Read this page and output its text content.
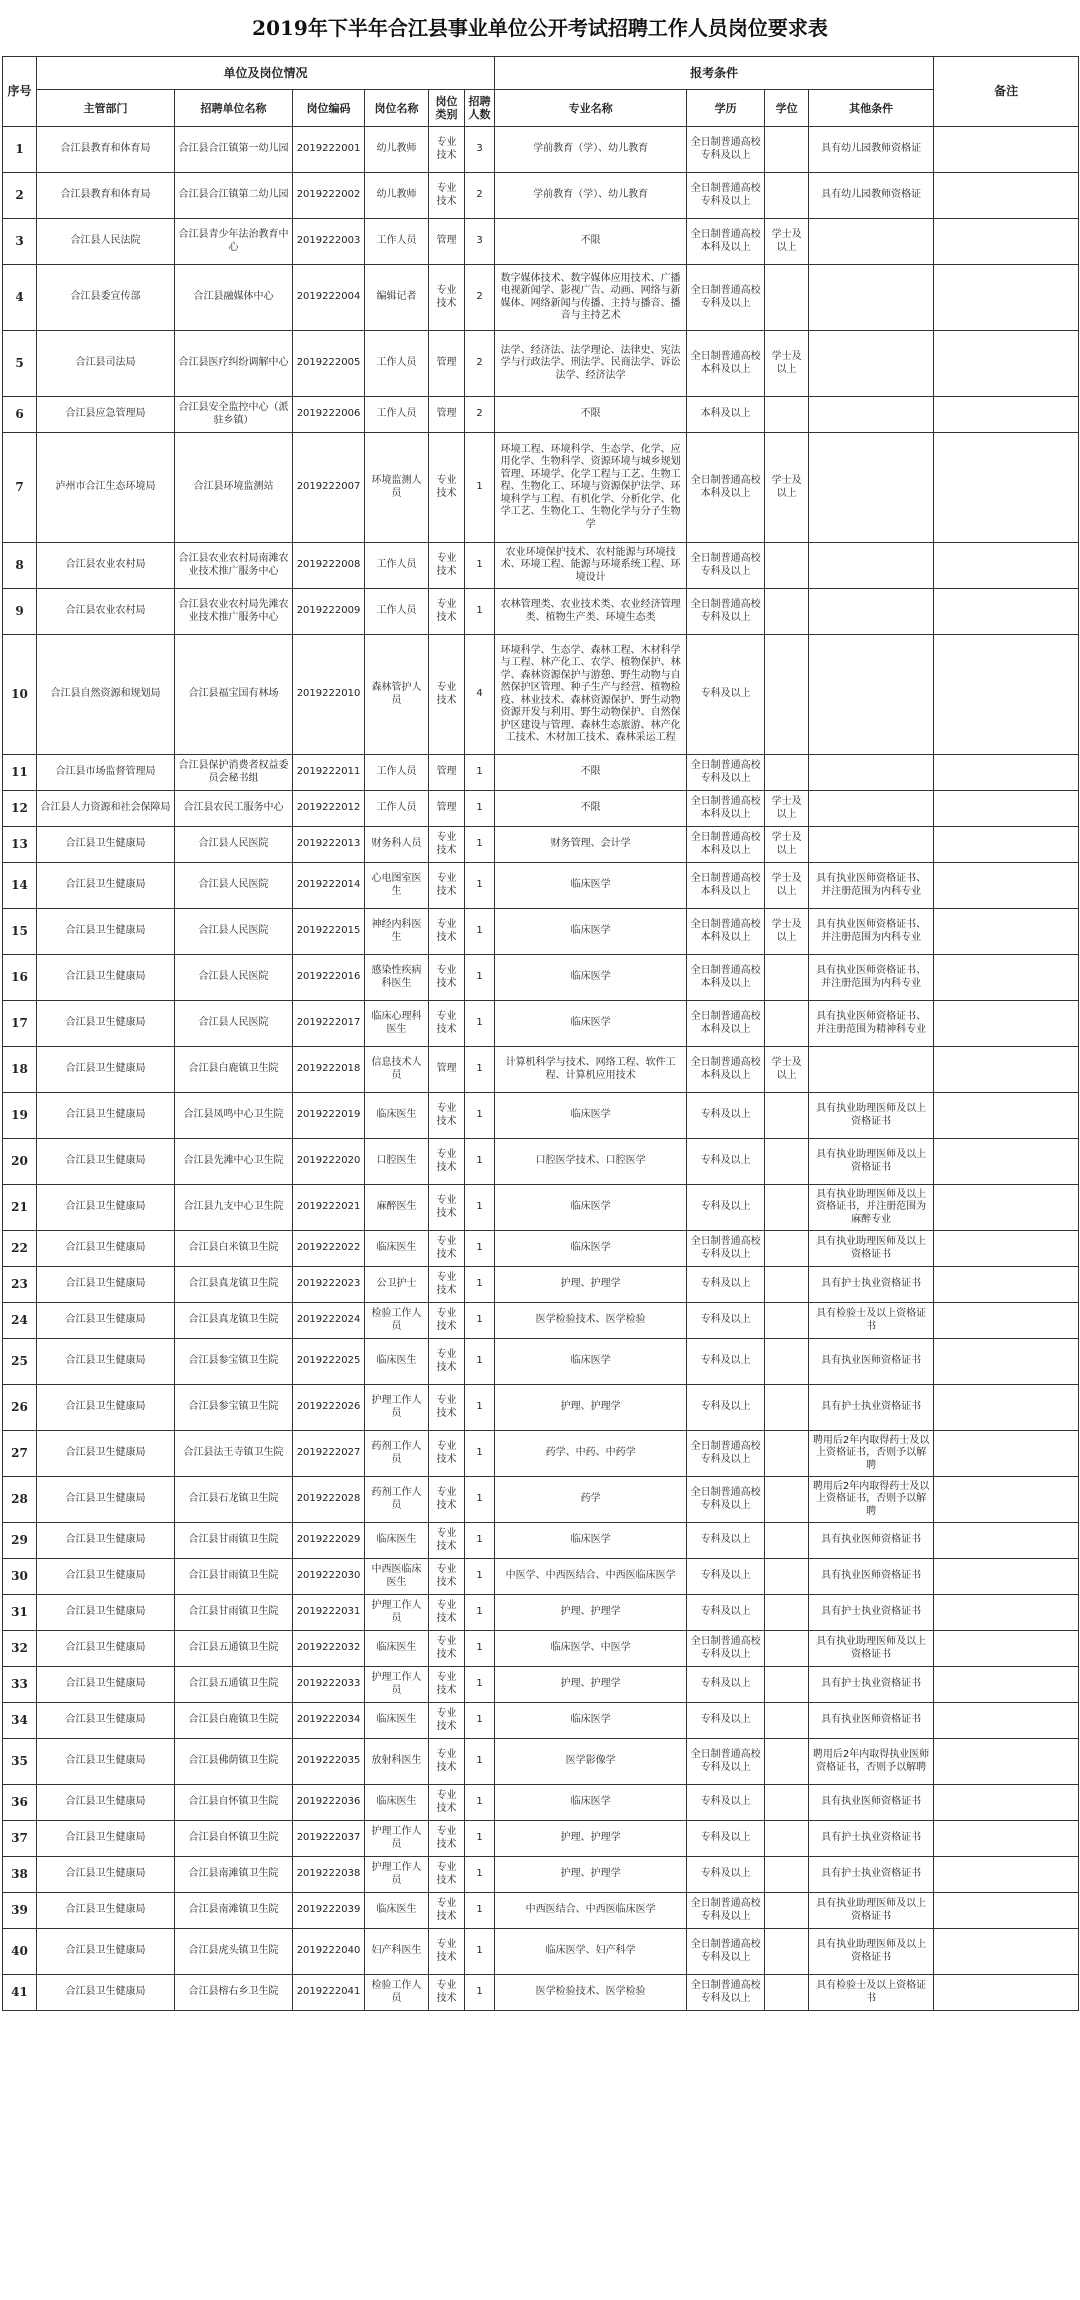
2019年下半年合江县事业单位公开考试招聘工作人员岗位要求表
序号	单位及岗位情况						报考条件				备注
	主管部门	招聘单位名称	岗位编码	岗位名称	岗位类别	招聘人数	专业名称	学历	学位	其他条件	
1	合江县教育和体育局	合江县合江镇第一幼儿园	2019222001	幼儿教师	专业技术	3	学前教育（学）、幼儿教育	全日制普通高校专科及以上		具有幼儿园教师资格证	
2	合江县教育和体育局	合江县合江镇第二幼儿园	2019222002	幼儿教师	专业技术	2	学前教育（学）、幼儿教育	全日制普通高校专科及以上		具有幼儿园教师资格证	
3	合江县人民法院	合江县青少年法治教育中心	2019222003	工作人员	管理	3	不限	全日制普通高校本科及以上	学士及以上		
4	合江县委宣传部	合江县融媒体中心	2019222004	编辑记者	专业技术	2	数字媒体技术、数字媒体应用技术、广播电视新闻学、影视广告、动画、网络与新媒体、网络新闻与传播、主持与播音、播音与主持艺术	全日制普通高校专科及以上			
5	合江县司法局	合江县医疗纠纷调解中心	2019222005	工作人员	管理	2	法学、经济法、法学理论、法律史、宪法学与行政法学、刑法学、民商法学、诉讼法学、经济法学	全日制普通高校本科及以上	学士及以上		
6	合江县应急管理局	合江县安全监控中心（派驻乡镇）	2019222006	工作人员	管理	2	不限	本科及以上			
7	泸州市合江生态环境局	合江县环境监测站	2019222007	环境监测人员	专业技术	1	环境工程、环境科学、生态学、化学、应用化学、生物科学、资源环境与城乡规划管理、环境学、化学工程与工艺、生物工程、生物化工、环境与资源保护法学、环境科学与工程、有机化学、分析化学、化学工艺、生物化工、生物化学与分子生物学	全日制普通高校本科及以上	学士及以上		
8	合江县农业农村局	合江县农业农村局南滩农业技术推广服务中心	2019222008	工作人员	专业技术	1	农业环境保护技术、农村能源与环境技术、环境工程、能源与环境系统工程、环境设计	全日制普通高校专科及以上			
9	合江县农业农村局	合江县农业农村局先滩农业技术推广服务中心	2019222009	工作人员	专业技术	1	农林管理类、农业技术类、农业经济管理类、植物生产类、环境生态类	全日制普通高校专科及以上			
10	合江县自然资源和规划局	合江县福宝国有林场	2019222010	森林管护人员	专业技术	4	环境科学、生态学、森林工程、木材科学与工程、林产化工、农学、植物保护、林学、森林资源保护与游憩、野生动物与自然保护区管理、种子生产与经营、植物检疫、林业技术、森林资源保护、野生动物资源开发与利用、野生动物保护、自然保护区建设与管理、森林生态旅游、林产化工技术、木材加工技术、森林采运工程	专科及以上			
11	合江县市场监督管理局	合江县保护消费者权益委员会秘书组	2019222011	工作人员	管理	1	不限	全日制普通高校专科及以上			
12	合江县人力资源和社会保障局	合江县农民工服务中心	2019222012	工作人员	管理	1	不限	全日制普通高校本科及以上	学士及以上		
13	合江县卫生健康局	合江县人民医院	2019222013	财务科人员	专业技术	1	财务管理、会计学	全日制普通高校本科及以上	学士及以上		
14	合江县卫生健康局	合江县人民医院	2019222014	心电图室医生	专业技术	1	临床医学	全日制普通高校本科及以上	学士及以上	具有执业医师资格证书、并注册范围为内科专业	
15	合江县卫生健康局	合江县人民医院	2019222015	神经内科医生	专业技术	1	临床医学	全日制普通高校本科及以上	学士及以上	具有执业医师资格证书、并注册范围为内科专业	
16	合江县卫生健康局	合江县人民医院	2019222016	感染性疾病科医生	专业技术	1	临床医学	全日制普通高校本科及以上		具有执业医师资格证书、并注册范围为内科专业	
17	合江县卫生健康局	合江县人民医院	2019222017	临床心理科医生	专业技术	1	临床医学	全日制普通高校本科及以上		具有执业医师资格证书、并注册范围为精神科专业	
18	合江县卫生健康局	合江县白鹿镇卫生院	2019222018	信息技术人员	管理	1	计算机科学与技术、网络工程、软件工程、计算机应用技术	全日制普通高校本科及以上	学士及以上		
19	合江县卫生健康局	合江县凤鸣中心卫生院	2019222019	临床医生	专业技术	1	临床医学	专科及以上		具有执业助理医师及以上资格证书	
20	合江县卫生健康局	合江县先滩中心卫生院	2019222020	口腔医生	专业技术	1	口腔医学技术、口腔医学	专科及以上		具有执业助理医师及以上资格证书	
21	合江县卫生健康局	合江县九支中心卫生院	2019222021	麻醉医生	专业技术	1	临床医学	专科及以上		具有执业助理医师及以上资格证书，并注册范围为麻醉专业	
22	合江县卫生健康局	合江县白米镇卫生院	2019222022	临床医生	专业技术	1	临床医学	全日制普通高校专科及以上		具有执业助理医师及以上资格证书	
23	合江县卫生健康局	合江县真龙镇卫生院	2019222023	公卫护士	专业技术	1	护理、护理学	专科及以上		具有护士执业资格证书	
24	合江县卫生健康局	合江县真龙镇卫生院	2019222024	检验工作人员	专业技术	1	医学检验技术、医学检验	专科及以上		具有检验士及以上资格证书	
25	合江县卫生健康局	合江县参宝镇卫生院	2019222025	临床医生	专业技术	1	临床医学	专科及以上		具有执业医师资格证书	
26	合江县卫生健康局	合江县参宝镇卫生院	2019222026	护理工作人员	专业技术	1	护理、护理学	专科及以上		具有护士执业资格证书	
27	合江县卫生健康局	合江县法王寺镇卫生院	2019222027	药剂工作人员	专业技术	1	药学、中药、中药学	全日制普通高校专科及以上		聘用后2年内取得药士及以上资格证书，否则予以解聘	
28	合江县卫生健康局	合江县石龙镇卫生院	2019222028	药剂工作人员	专业技术	1	药学	全日制普通高校专科及以上		聘用后2年内取得药士及以上资格证书，否则予以解聘	
29	合江县卫生健康局	合江县甘雨镇卫生院	2019222029	临床医生	专业技术	1	临床医学	专科及以上		具有执业医师资格证书	
30	合江县卫生健康局	合江县甘雨镇卫生院	2019222030	中西医临床医生	专业技术	1	中医学、中西医结合、中西医临床医学	专科及以上		具有执业医师资格证书	
31	合江县卫生健康局	合江县甘雨镇卫生院	2019222031	护理工作人员	专业技术	1	护理、护理学	专科及以上		具有护士执业资格证书	
32	合江县卫生健康局	合江县五通镇卫生院	2019222032	临床医生	专业技术	1	临床医学、中医学	全日制普通高校专科及以上		具有执业助理医师及以上资格证书	
33	合江县卫生健康局	合江县五通镇卫生院	2019222033	护理工作人员	专业技术	1	护理、护理学	专科及以上		具有护士执业资格证书	
34	合江县卫生健康局	合江县白鹿镇卫生院	2019222034	临床医生	专业技术	1	临床医学	专科及以上		具有执业医师资格证书	
35	合江县卫生健康局	合江县佛荫镇卫生院	2019222035	放射科医生	专业技术	1	医学影像学	全日制普通高校专科及以上		聘用后2年内取得执业医师资格证书，否则予以解聘	
36	合江县卫生健康局	合江县自怀镇卫生院	2019222036	临床医生	专业技术	1	临床医学	专科及以上		具有执业医师资格证书	
37	合江县卫生健康局	合江县自怀镇卫生院	2019222037	护理工作人员	专业技术	1	护理、护理学	专科及以上		具有护士执业资格证书	
38	合江县卫生健康局	合江县南滩镇卫生院	2019222038	护理工作人员	专业技术	1	护理、护理学	专科及以上		具有护士执业资格证书	
39	合江县卫生健康局	合江县南滩镇卫生院	2019222039	临床医生	专业技术	1	中西医结合、中西医临床医学	全日制普通高校专科及以上		具有执业助理医师及以上资格证书	
40	合江县卫生健康局	合江县虎头镇卫生院	2019222040	妇产科医生	专业技术	1	临床医学、妇产科学	全日制普通高校专科及以上		具有执业助理医师及以上资格证书	
41	合江县卫生健康局	合江县榕右乡卫生院	2019222041	检验工作人员	专业技术	1	医学检验技术、医学检验	全日制普通高校专科及以上		具有检验士及以上资格证书	
